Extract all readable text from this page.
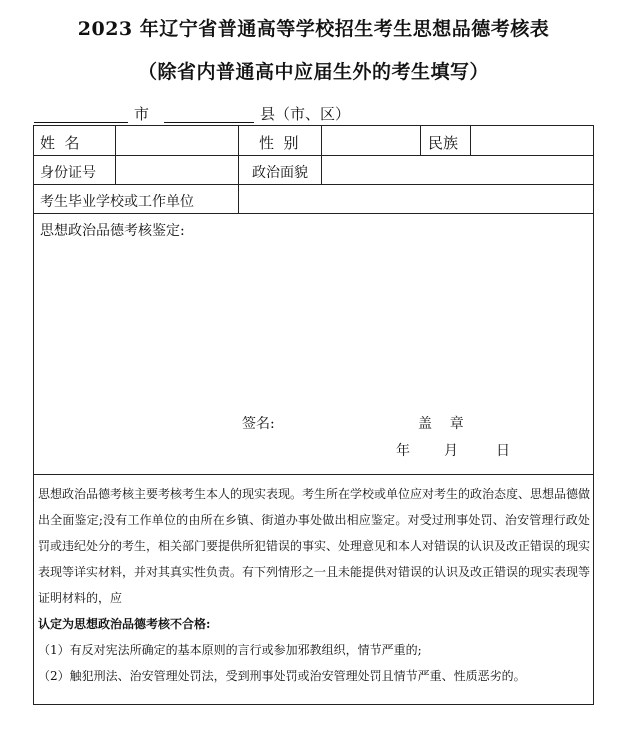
2023 年辽宁省普通高等学校招生考生思想品德考核表
（除省内普通高中应届生外的考生填写）
市	县（市、区）
姓  名	性  别	民族
身份证号	政治面貌
考生毕业学校或工作单位
思想政治品德考核鉴定:
签名:	盖    章
年 月	日

思想政治品德考核主要考核考生本人的现实表现。考生所在学校或单位应对考生的政治态度、思想品德做出全面鉴定;没有工作单位的由所在乡镇、街道办事处做出相应鉴定。对受过刑事处罚、治安管理行政处罚或违纪处分的考生，相关部门要提供所犯错误的事实、处理意见和本人对错误的认识及改正错误的现实表现等详实材料，并对其真实性负责。有下列情形之一且未能提供对错误的认识及改正错误的现实表现等证明材料的，应
认定为思想政治品德考核不合格:

（1）有反对宪法所确定的基本原则的言行或参加邪教组织，情节严重的;

（2）触犯刑法、治安管理处罚法，受到刑事处罚或治安管理处罚且情节严重、性质恶劣的。
